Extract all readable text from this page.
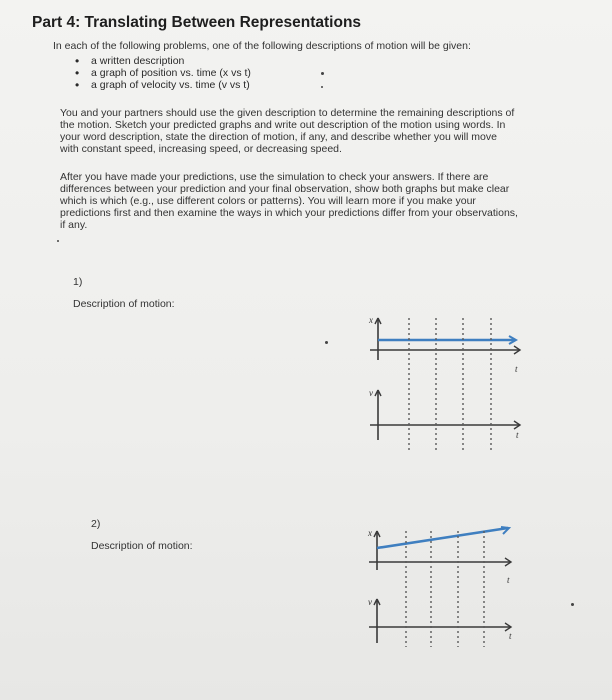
Part 4: Translating Between Representations
In each of the following problems, one of the following descriptions of motion will be given:
• a written description
• a graph of position vs. time (x vs t)
• a graph of velocity vs. time (v vs t)
You and your partners should use the given description to determine the remaining descriptions of
the motion. Sketch your predicted graphs and write out description of the motion using words. In
your word description, state the direction of motion, if any, and describe whether you will move
with constant speed, increasing speed, or decreasing speed.
After you have made your predictions, use the simulation to check your answers. If there are
differences between your prediction and your final observation, show both graphs but make clear
which is which (e.g., use different colors or patterns). You will learn more if you make your
predictions first and then examine the ways in which your predictions differ from your observations,
if any.
1)
Description of motion:
x
t
v
t
2)
Description of motion:
x
t
v
t
